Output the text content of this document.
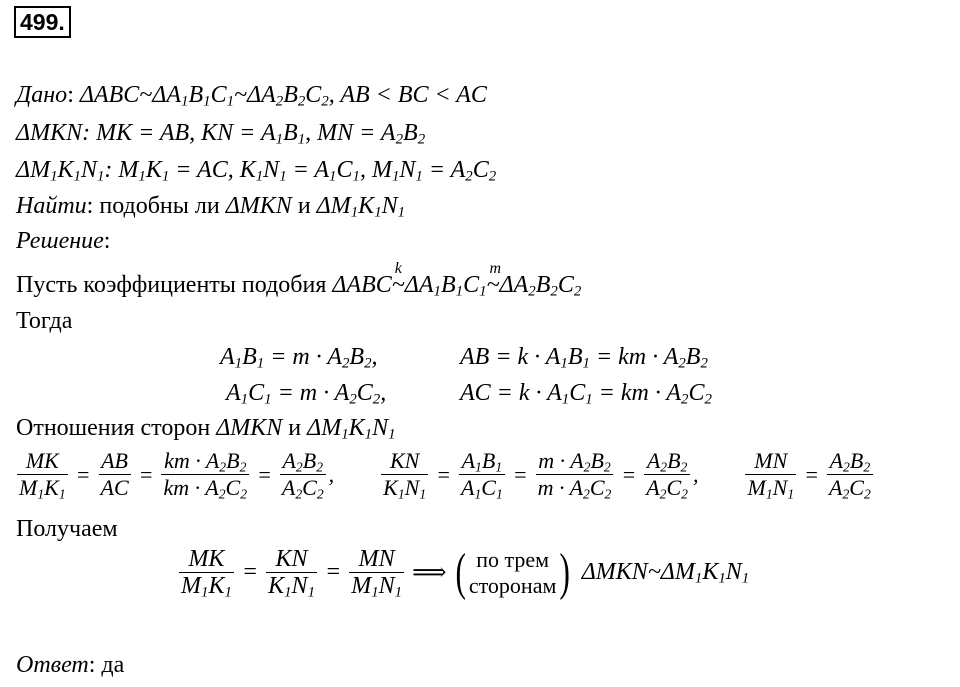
499.
Дано: $\Delta ABC\sim\Delta A_1B_1C_1\sim\Delta A_2B_2C_2$, AB < BC < AC
ΔMKN: MK = AB, KN = $A_1B_1$, MN = $A_2B_2$
$\Delta M_1K_1N_1$: $M_1K_1$ = AC, $K_1N_1 = A_1C_1$, $M_1N_1 = A_2C_2$
Найти: подобны ли ΔMKN и $\Delta M_1K_1N_1$
Решение:
Пусть коэффициенты подобия ΔABC
k
$\sim\Delta A_1B_1C_1$
m
$\sim\Delta A_2B_2C_2$
Тогда
$A_1B_1 = m \cdot A_2B_2$,	AB = $k \cdot A_1B_1$ = km · $A_2B_2$
$A_1C_1 = m \cdot A_2C_2$,	AC = $k \cdot A_1C_1$ = km · $A_2C_2$
Отношения сторон ΔMKN и $\Delta M_1K_1N_1$
$\frac{MK}{M_1K_1} = \frac{AB}{AC} = \frac{km \cdot A_2B_2}{km \cdot A_2C_2} = \frac{A_2B_2}{A_2C_2}$ , $\frac{KN}{K_1N_1} = \frac{A_1B_1}{A_1C_1} = \frac{m \cdot A_2B_2}{m \cdot A_2C_2} = \frac{A_2B_2}{A_2C_2}$ , $\frac{MN}{M_1N_1} = \frac{A_2B_2}{A_2C_2}$
Получаем
$\frac{MK}{M_1K_1} = \frac{KN}{K_1N_1} = \frac{MN}{M_1N_1}$ ⟹ ( по трем
сторонам ) $\Delta MKN\sim\Delta M_1K_1N_1$
Ответ: да
